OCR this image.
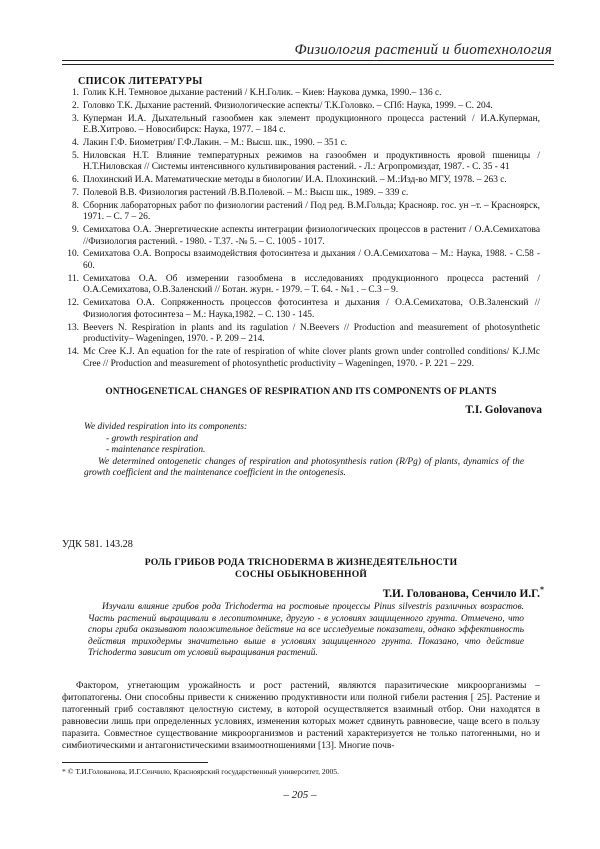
Физиология растений и биотехнология
СПИСОК ЛИТЕРАТУРЫ
1. Голик К.Н. Темновое дыхание растений / К.Н.Голик. – Киев: Наукова думка, 1990.– 136 с.
2. Головко Т.К. Дыхание растений. Физиологические аспекты/ Т.К.Головко. – СПб: Наука, 1999. – С. 204.
3. Куперман И.А. Дыхательный газообмен как элемент продукционного процесса растений / И.А.Куперман, Е.В.Хитрово. – Новосибирск: Наука, 1977. – 184 с.
4. Лакин Г.Ф. Биометрия/ Г.Ф.Лакин. – М.: Высш. шк., 1990. – 351 с.
5. Ниловская Н.Т. Влияние температурных режимов на газообмен и продуктивность яровой пшеницы / Н.Т.Ниловская // Системы интенсивного культивирования растений. - Л.: Агропромиздат, 1987. - С. 35 - 41
6. Плохинский И.А. Математические методы в биологии/ И.А. Плохинский. – М.:Изд-во МГУ, 1978. – 263 с.
7. Полевой В.В. Физиология растений /В.В.Полевой. – М.: Высш шк., 1989. – 339 с.
8. Сборник лабораторных работ по физиологии растений / Под ред. В.М.Гольда; Краснояр. гос. ун –т. – Красноярск, 1971. – С. 7 – 26.
9. Семихатова О.А. Энергетические аспекты интеграции физиологических процессов в растенит / О.А.Семихатова //Физиология растений. - 1980. - Т.37. -№ 5. – С. 1005 - 1017.
10. Семихатова О.А. Вопросы взаимодействия фотосинтеза и дыхания / О.А.Семихатова – М.: Наука, 1988. - С.58 - 60.
11. Семихатова О.А. Об измерении газообмена в исследованиях продукционного процесса растений / О.А.Семихатова, О.В.Заленский // Ботан. журн. - 1979. – Т. 64. - №1 . – С.3 – 9.
12. Семихатова О.А. Сопряженность процессов фотосинтеза и дыхания / О.А.Семихатова, О.В.Заленский // Физиология фотосинтеза – М.: Наука,1982. – С. 130 - 145.
13. Beevers N. Respiration in plants and its ragulation / N.Beevers // Production and measurement of photosynthetic productivity– Wageningen, 1970. - P. 209 – 214.
14. Mc Cree K.J. An equation for the rate of respiration of white clover plants grown under controlled conditions/ K.J.Mc Cree // Production and measurement of photosynthetic productivity – Wageningen, 1970. - P. 221 – 229.
ONTHOGENETICAL CHANGES OF RESPIRATION AND ITS COMPONENTS OF PLANTS
T.I. Golovanova

We divided respiration into its components:

- growth respiration and

- maintenance respiration.

We determined ontogenetic changes of respiration and photosynthesis ration (R/Pg) of plants, dynamics of the growth coefficient and the maintenance coefficient in the ontogenesis.

УДК 581. 143.28
РОЛЬ ГРИБОВ РОДА TRICHODERMA В ЖИЗНЕДЕЯТЕЛЬНОСТИ
СОСНЫ ОБЫКНОВЕННОЙ
Т.И. Голованова, Сенчило И.Г.*

Изучали влияние грибов рода Trichoderma на ростовые процессы Pinus silvestris различных возрастов. Часть растений выращивали в лесопитомнике, другую - в условиях защищенного грунта. Отмечено, что споры гриба оказывают положительное действие на все исследуемые показатели, однако эффективность действия триходермы значительно выше в условиях защищенного грунта. Показано, что действие Trichoderma зависит от условий выращивания растений.

Фактором, угнетающим урожайность и рост растений, являются паразитические микроорганизмы – фитопатогены. Они способны привести к снижению продуктивности или полной гибели растения [ 25]. Растение и патогенный гриб составляют целостную систему, в которой осуществляется взаимный отбор. Они находятся в равновесии лишь при определенных условиях, изменения которых может сдвинуть равновесие, чаще всего в пользу паразита. Совместное существование микроорганизмов и растений характеризуется не только патогенными, но и симбиотическими и антагонистическими взаимоотношениями [13]. Многие почв-

* © Т.И.Голованова, И.Г.Сенчило, Красноярский государственный университет, 2005.
– 205 –
